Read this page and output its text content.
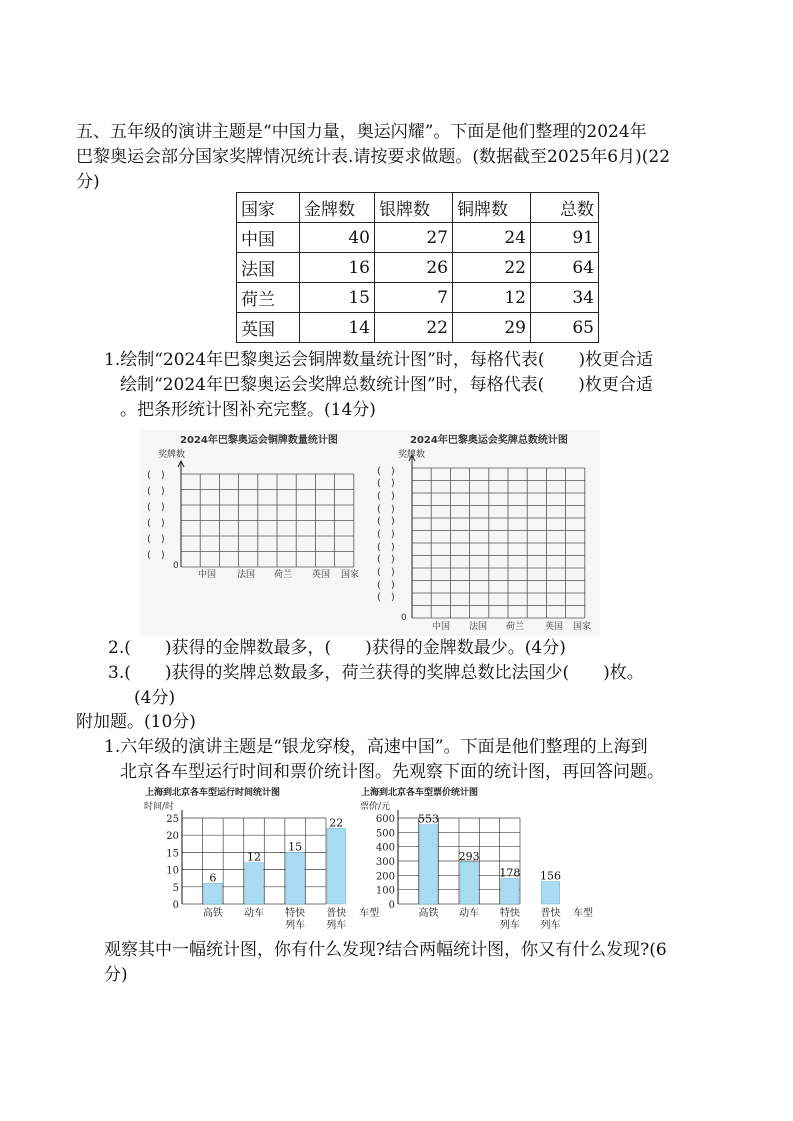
五、五年级的演讲主题是“中国力量，奥运闪耀”。下面是他们整理的2024年
巴黎奥运会部分国家奖牌情况统计表.请按要求做题。(数据截至2025年6月)(22
分)
国家	金牌数	银牌数	铜牌数	总数
中国	40	27	24	91
法国	16	26	22	64
荷兰	15	7	12	34
英国	14	22	29	65
1.绘制“2024年巴黎奥运会铜牌数量统计图”时，每格代表(　　)枚更合适
绘制“2024年巴黎奥运会奖牌总数统计图”时，每格代表(　　)枚更合适
。把条形统计图补充完整。(14分)
2024年巴黎奥运会铜牌数量统计图
奖牌数
0
中国 法国 荷兰 英国 国家
(　)
(　)
(　)
(　)
(　)
(　)
2024年巴黎奥运会奖牌总数统计图
奖牌数
0
中国 法国 荷兰 英国 国家
(　)
(　)
(　)
(　)
(　)
(　)
(　)
(　)
(　)
(　)
(　)
2.(　　)获得的金牌数最多，(　　)获得的金牌数最少。(4分)
3.(　　)获得的奖牌总数最多，荷兰获得的奖牌总数比法国少(　　)枚。
(4分)
附加题。(10分)
1.六年级的演讲主题是“银龙穿梭，高速中国”。下面是他们整理的上海到
北京各车型运行时间和票价统计图。先观察下面的统计图，再回答问题。
上海到北京各车型运行时间统计图
时间/时
0
5
10
15
20
25
6
高铁
12
动车
15
特快
列车
22
普快
列车
车型
上海到北京各车型票价统计图
票价/元
0
100
200
300
400
500
600 553
高铁
293
动车
178
特快
列车
156
普快
列车
车型
观察其中一幅统计图，你有什么发现?结合两幅统计图，你又有什么发现?(6
分)
